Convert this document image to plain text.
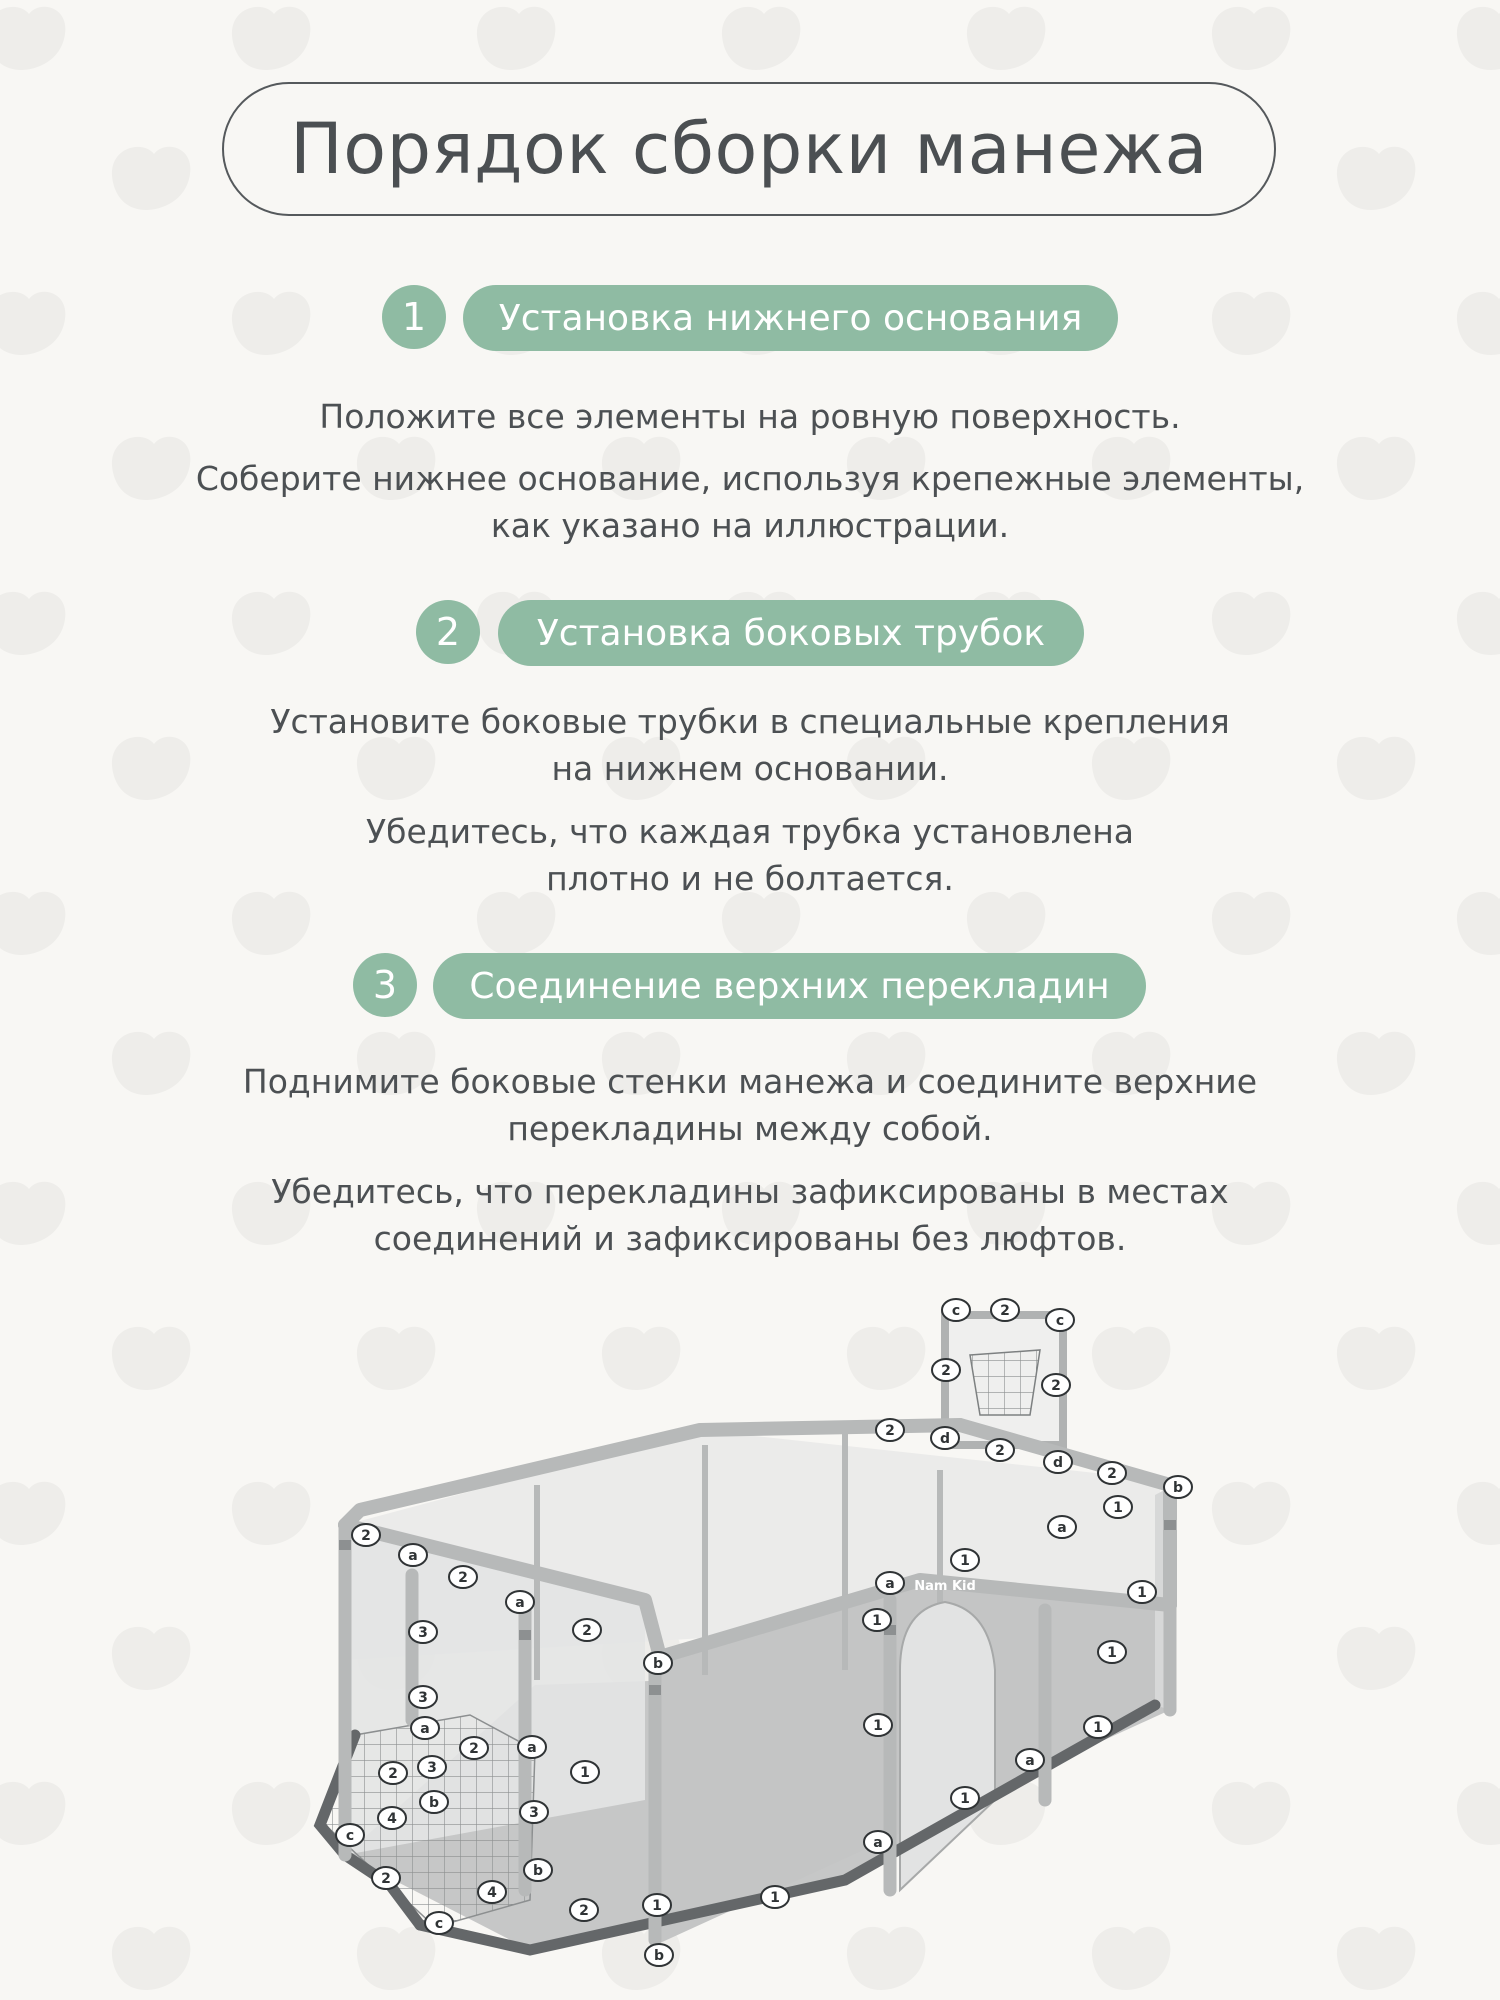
Порядок сборки манежа
1	Установка нижнего основания

Положите все элементы на ровную поверхность.

Соберите нижнее основание, используя крепежные элементы,
как указано на иллюстрации.

2	Установка боковых трубок

Установите боковые трубки в специальные крепления
на нижнем основании.

Убедитесь, что каждая трубка установлена
плотно и не болтается.

3	Соединение верхних перекладин

Поднимите боковые стенки манежа и соедините верхние
перекладины между собой.

Убедитесь, что перекладины зафиксированы в местах
соединений и зафиксированы без люфтов.

Nam Kid
c	2
c
2
2
2	d
2
d
2
b
a
1
1
1
b
1
a
1
a
1	1
1
a
2
a
2
a
2
3
3
a
2
3
a
2
4
b
3
c
2
4
b
c
2	1
b
1
1
